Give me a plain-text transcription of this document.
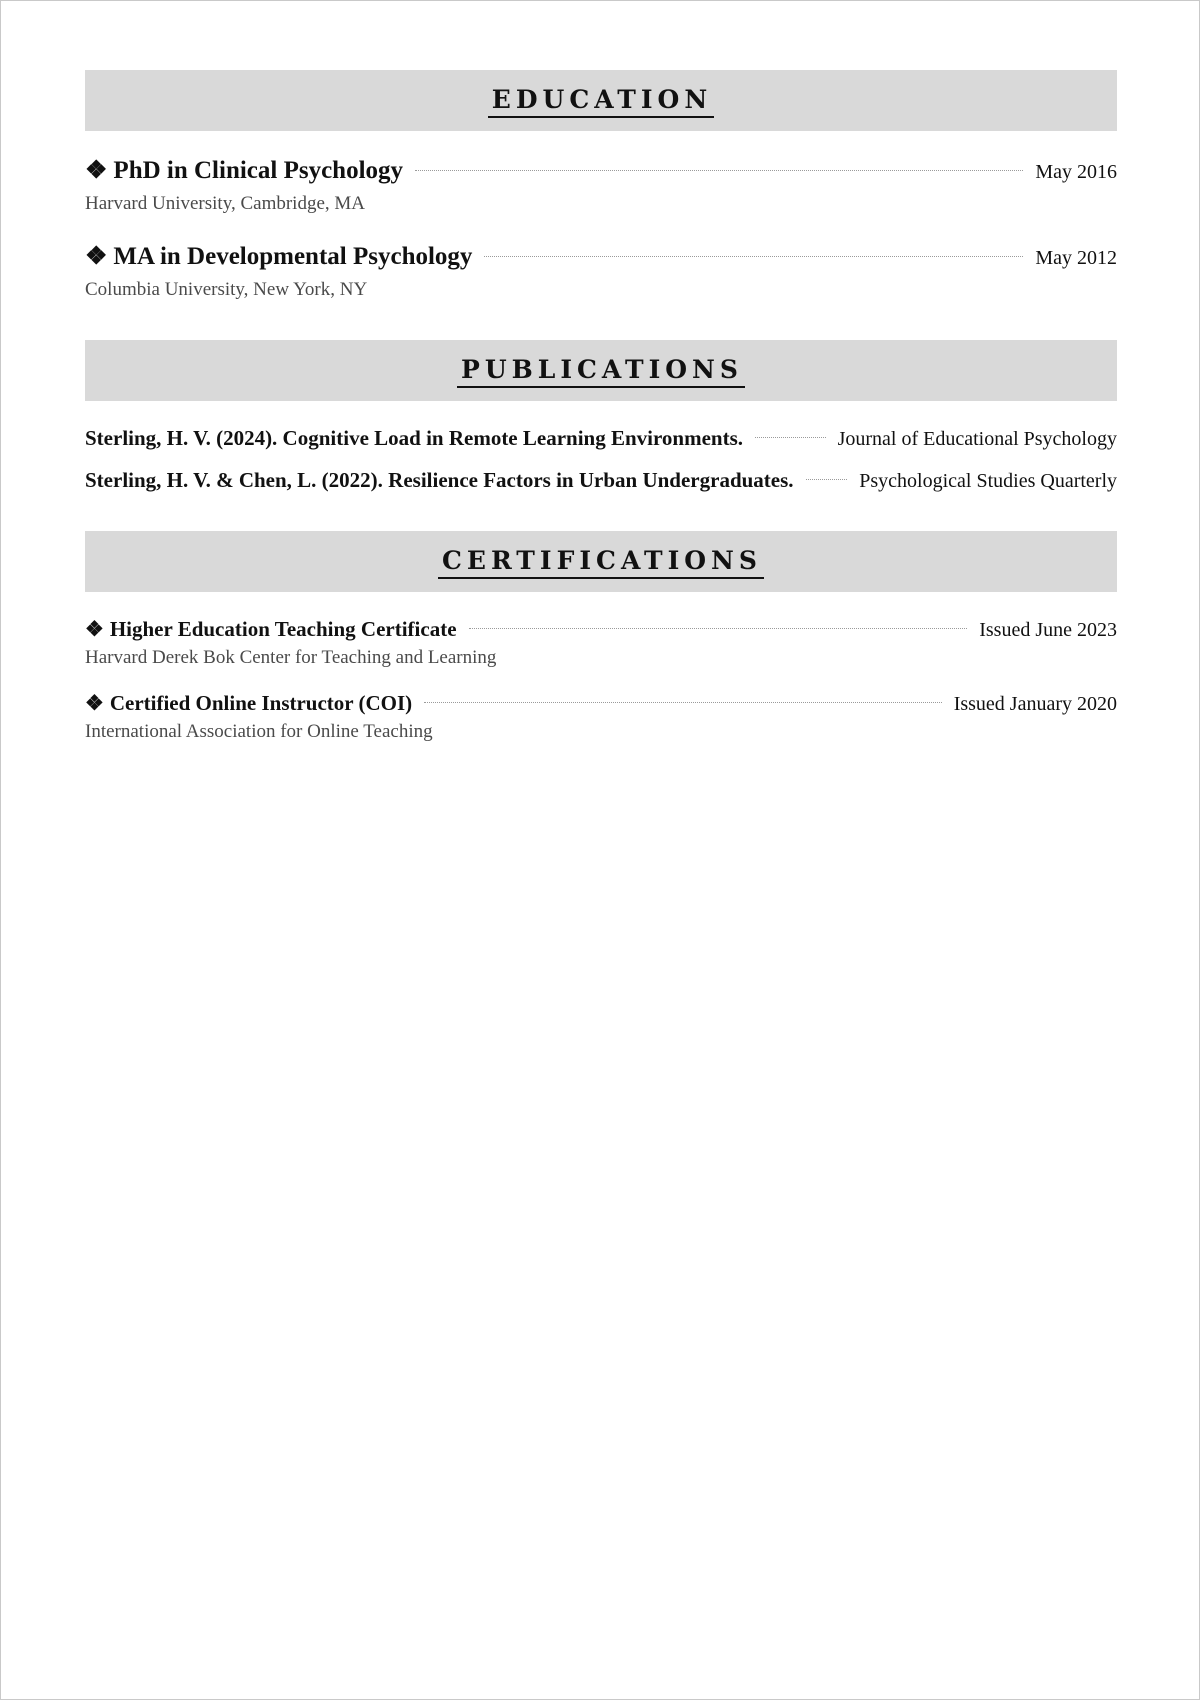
EDUCATION
❖ PhD in Clinical Psychology	May 2016
Harvard University, Cambridge, MA
❖ MA in Developmental Psychology	May 2012
Columbia University, New York, NY
PUBLICATIONS
Sterling, H. V. (2024). Cognitive Load in Remote Learning Environments.	Journal of Educational Psychology
Sterling, H. V. & Chen, L. (2022). Resilience Factors in Urban Undergraduates.	Psychological Studies Quarterly
CERTIFICATIONS
❖ Higher Education Teaching Certificate	Issued June 2023
Harvard Derek Bok Center for Teaching and Learning
❖ Certified Online Instructor (COI)	Issued January 2020
International Association for Online Teaching
